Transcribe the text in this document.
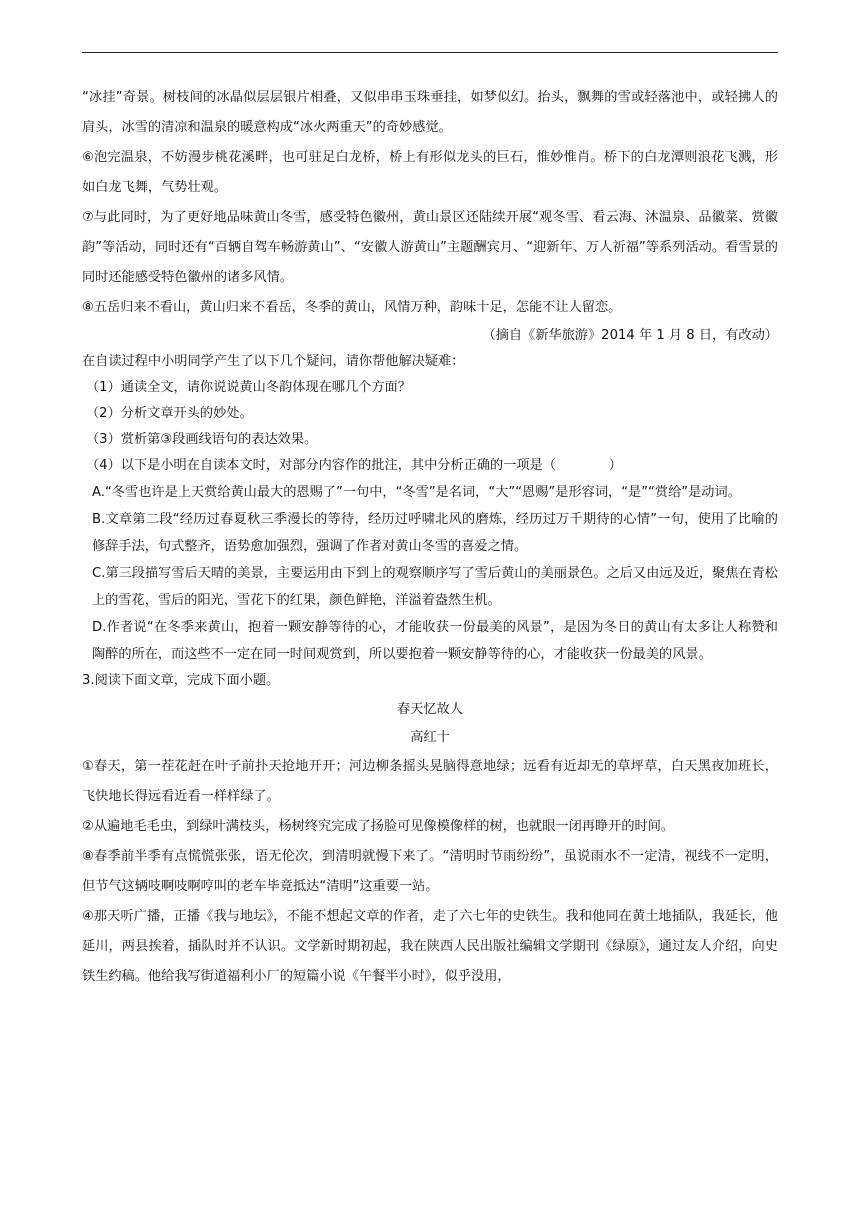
“冰挂”奇景。树枝间的冰晶似层层银片相叠，又似串串玉珠垂挂，如梦似幻。抬头，飘舞的雪或轻落池中，或轻拂人的肩头，冰雪的清凉和温泉的暖意构成“冰火两重天”的奇妙感觉。

⑥泡完温泉，不妨漫步桃花溪畔，也可驻足白龙桥，桥上有形似龙头的巨石，惟妙惟肖。桥下的白龙潭则浪花飞溅，形如白龙飞舞，气势壮观。

⑦与此同时，为了更好地品味黄山冬雪，感受特色徽州，黄山景区还陆续开展“观冬雪、看云海、沐温泉、品徽菜、赏徽韵”等活动，同时还有“百辆自驾车畅游黄山”、“安徽人游黄山”主题酬宾月、“迎新年、万人祈福”等系列活动。看雪景的同时还能感受特色徽州的诸多风情。

⑧五岳归来不看山，黄山归来不看岳，冬季的黄山，风情万种，韵味十足，怎能不让人留恋。

（摘自《新华旅游》2014 年 1 月 8 日，有改动）

在自读过程中小明同学产生了以下几个疑问，请你帮他解决疑难：

（1）通读全文，请你说说黄山冬韵体现在哪几个方面？

（2）分析文章开头的妙处。

（3）赏析第③段画线语句的表达效果。

（4）以下是小明在自读本文时，对部分内容作的批注，其中分析正确的一项是（　　　　）

A.“冬雪也许是上天赏给黄山最大的恩赐了”一句中，“冬雪”是名词，“大”“恩赐”是形容词，“是”“赏给”是动词。

B.文章第二段“经历过春夏秋三季漫长的等待，经历过呼啸北风的磨炼，经历过万千期待的心情”一句，使用了比喻的修辞手法，句式整齐，语势愈加强烈，强调了作者对黄山冬雪的喜爱之情。

C.第三段描写雪后天晴的美景，主要运用由下到上的观察顺序写了雪后黄山的美丽景色。之后又由远及近，聚焦在青松上的雪花，雪后的阳光，雪花下的红果，颜色鲜艳，洋溢着盎然生机。

D.作者说“在冬季来黄山，抱着一颗安静等待的心，才能收获一份最美的风景”，是因为冬日的黄山有太多让人称赞和陶醉的所在，而这些不一定在同一时间观赏到，所以要抱着一颗安静等待的心，才能收获一份最美的风景。

3.阅读下面文章，完成下面小题。

春天忆故人

高红十

①春天，第一茬花赶在叶子前扑天抢地开开；河边柳条摇头晃脑得意地绿；远看有近却无的草坪草，白天黑夜加班长，飞快地长得远看近看一样样绿了。

②从遍地毛毛虫，到绿叶满枝头，杨树终究完成了扬脸可见像模像样的树，也就眼一闭再睁开的时间。

⑧春季前半季有点慌慌张张，语无伦次，到清明就慢下来了。“清明时节雨纷纷”，虽说雨水不一定清，视线不一定明，但节气这辆吱啊吱啊哼叫的老车毕竟抵达“清明”这重要一站。

④那天听广播，正播《我与地坛》，不能不想起文章的作者，走了六七年的史铁生。我和他同在黄土地插队，我延长，他延川，两县挨着，插队时并不认识。文学新时期初起，我在陕西人民出版社编辑文学期刊《绿原》，通过友人介绍，向史铁生约稿。他给我写街道福利小厂的短篇小说《午餐半小时》，似乎没用，
